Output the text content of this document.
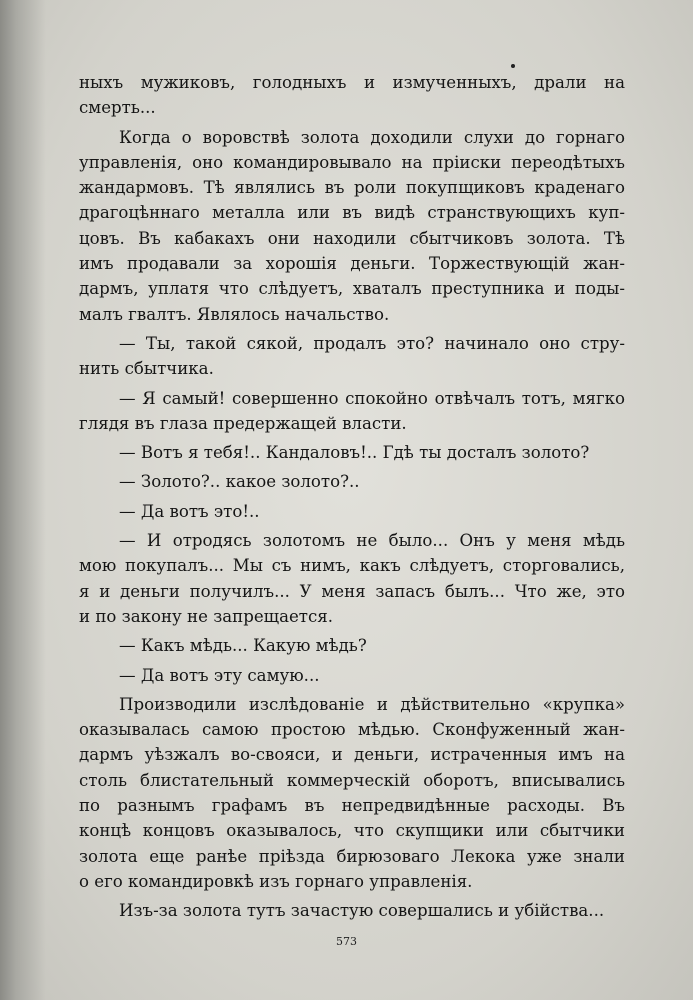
ныхъ мужиковъ, голодныхъ и измученныхъ, драли на
смерть...
Когда о воровствѣ золота доходили слухи до горнаго
управленія, оно командировывало на пріиски переодѣтыхъ
жандармовъ. Тѣ являлись въ роли покупщиковъ краденаго
драгоцѣннаго металла или въ видѣ странствующихъ куп-
цовъ. Въ кабакахъ они находили сбытчиковъ золота. Тѣ
имъ продавали за хорошія деньги. Торжествующій жан-
дармъ, уплатя что слѣдуетъ, хваталъ преступника и поды-
малъ гвалтъ. Являлось начальство.
— Ты, такой сякой, продалъ это? начинало оно стру-
нить сбытчика.
— Я самый! совершенно спокойно отвѣчалъ тотъ, мягко
глядя въ глаза предержащей власти.
— Вотъ я тебя!.. Кандаловъ!.. Гдѣ ты досталъ золото?
— Золото?.. какое золото?..
— Да вотъ это!..
— И отродясь золотомъ не было... Онъ у меня мѣдь
мою покупалъ... Мы съ нимъ, какъ слѣдуетъ, сторговались,
я и деньги получилъ... У меня запасъ былъ... Что же, это
и по закону не запрещается.
— Какъ мѣдь... Какую мѣдь?
— Да вотъ эту самую...
Производили изслѣдованіе и дѣйствительно «крупка»
оказывалась самою простою мѣдью. Сконфуженный жан-
дармъ уѣзжалъ во-свояси, и деньги, истраченныя имъ на
столь блистательный коммерческій оборотъ, вписывались
по разнымъ графамъ въ непредвидѣнные расходы. Въ
концѣ концовъ оказывалось, что скупщики или сбытчики
золота еще ранѣе пріѣзда бирюзоваго Лекока уже знали
о его командировкѣ изъ горнаго управленія.
Изъ-за золота тутъ зачастую совершались и убійства...
573
